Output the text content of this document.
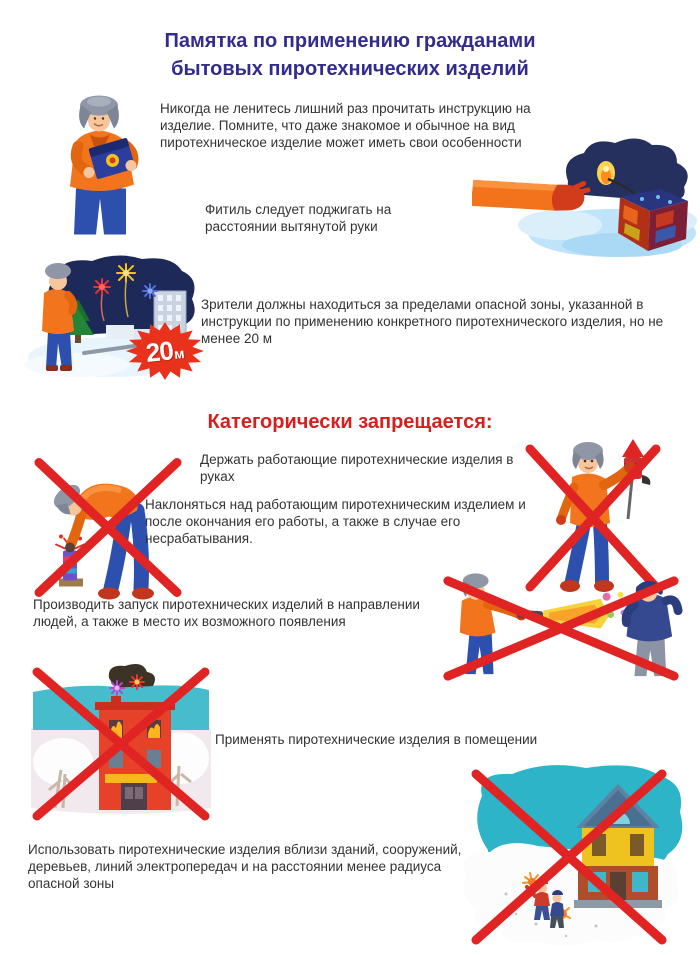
Памятка по применению гражданами
бытовых пиротехнических изделий

Никогда не ленитесь лишний раз прочитать инструкцию на изделие. Помните, что даже знакомое и обычное на вид пиротехническое изделие может иметь свои особенности

Фитиль следует поджигать на расстоянии вытянутой руки

20 м

Зрители должны находиться за пределами опасной зоны, указанной в инструкции по применению конкретного пиротехнического изделия, но не менее 20 м

Категорически запрещается:

Держать работающие пиротехнические изделия в руках

Наклоняться над работающим пиротехническим изделием и после окончания его работы, а также в случае его несрабатывания.

Производить запуск пиротехнических изделий в направлении людей, а также в место их возможного появления

Применять пиротехнические изделия в помещении

Использовать пиротехнические изделия вблизи зданий, сооружений, деревьев, линий электропередач и на расстоянии менее радиуса опасной зоны
